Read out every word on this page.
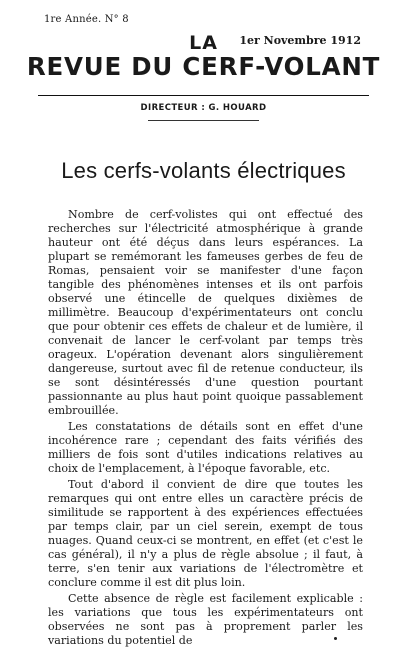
1re Année. N° 8
1er Novembre 1912
LA
REVUE DU CERF-VOLANT
DIRECTEUR : G. HOUARD
Les cerfs-volants électriques

Nombre de cerf-volistes qui ont effectué des recherches sur l'électricité atmosphérique à grande hauteur ont été déçus dans leurs espérances. La plupart se remémorant les fameuses gerbes de feu de Romas, pensaient voir se manifester d'une façon tangible des phénomènes intenses et ils ont parfois observé une étincelle de quelques dixièmes de millimètre. Beaucoup d'expérimentateurs ont conclu que pour obtenir ces effets de chaleur et de lumière, il convenait de lancer le cerf-volant par temps très orageux. L'opération devenant alors singulièrement dangereuse, surtout avec fil de retenue conducteur, ils se sont désintéressés d'une question pourtant passionnante au plus haut point quoique passablement embrouillée.

Les constatations de détails sont en effet d'une incohérence rare ; cependant des faits vérifiés des milliers de fois sont d'utiles indications relatives au choix de l'emplacement, à l'époque favorable, etc.

Tout d'abord il convient de dire que toutes les remarques qui ont entre elles un caractère précis de similitude se rapportent à des expériences effectuées par temps clair, par un ciel serein, exempt de tous nuages. Quand ceux-ci se montrent, en effet (et c'est le cas général), il n'y a plus de règle absolue ; il faut, à terre, s'en tenir aux variations de l'électromètre et conclure comme il est dit plus loin.

Cette absence de règle est facilement explicable : les variations que tous les expérimentateurs ont observées ne sont pas à proprement parler les variations du potentiel de
